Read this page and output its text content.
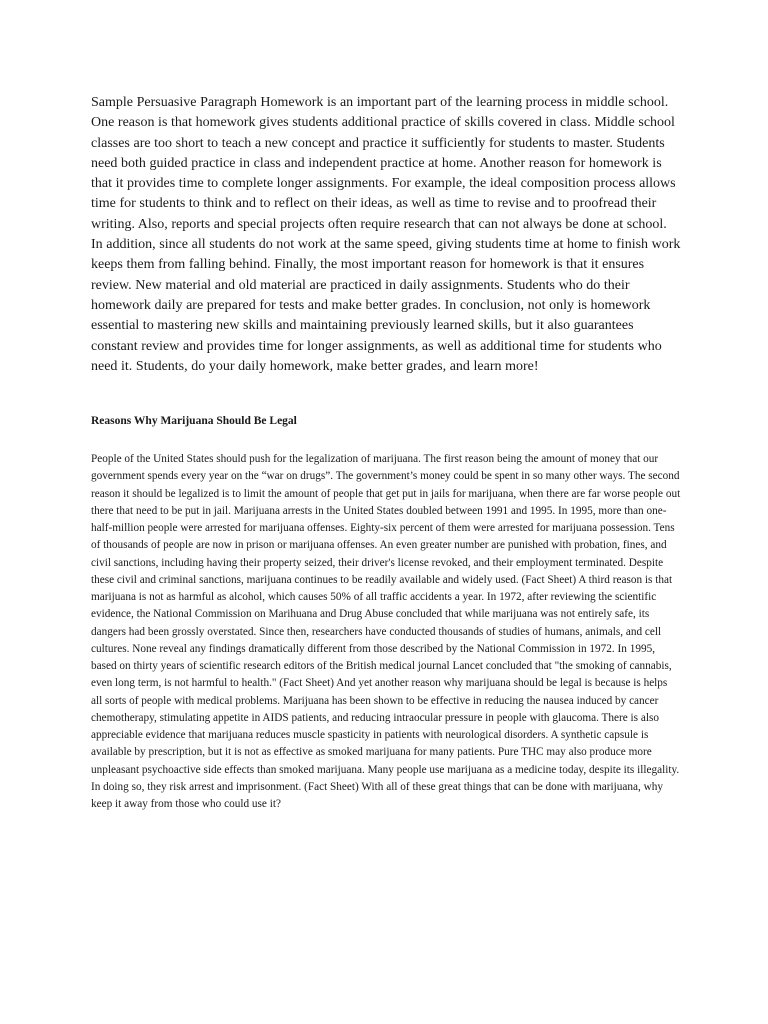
Sample Persuasive Paragraph Homework is an important part of the learning process in middle school. One reason is that homework gives students additional practice of skills covered in class. Middle school classes are too short to teach a new concept and practice it sufficiently for students to master. Students need both guided practice in class and independent practice at home. Another reason for homework is that it provides time to complete longer assignments. For example, the ideal composition process allows time for students to think and to reflect on their ideas, as well as time to revise and to proofread their writing. Also, reports and special projects often require research that can not always be done at school. In addition, since all students do not work at the same speed, giving students time at home to finish work keeps them from falling behind. Finally, the most important reason for homework is that it ensures review. New material and old material are practiced in daily assignments. Students who do their homework daily are prepared for tests and make better grades. In conclusion, not only is homework essential to mastering new skills and maintaining previously learned skills, but it also guarantees constant review and provides time for longer assignments, as well as additional time for students who need it. Students, do your daily homework, make better grades, and learn more!

Reasons Why Marijuana Should Be Legal

People of the United States should push for the legalization of marijuana. The first reason being the amount of money that our government spends every year on the “war on drugs”. The government’s money could be spent in so many other ways. The second reason it should be legalized is to limit the amount of people that get put in jails for marijuana, when there are far worse people out there that need to be put in jail. Marijuana arrests in the United States doubled between 1991 and 1995. In 1995, more than one-half-million people were arrested for marijuana offenses. Eighty-six percent of them were arrested for marijuana possession. Tens of thousands of people are now in prison or marijuana offenses. An even greater number are punished with probation, fines, and civil sanctions, including having their property seized, their driver's license revoked, and their employment terminated. Despite these civil and criminal sanctions, marijuana continues to be readily available and widely used. (Fact Sheet) A third reason is that marijuana is not as harmful as alcohol, which causes 50% of all traffic accidents a year. In 1972, after reviewing the scientific evidence, the National Commission on Marihuana and Drug Abuse concluded that while marijuana was not entirely safe, its dangers had been grossly overstated. Since then, researchers have conducted thousands of studies of humans, animals, and cell cultures. None reveal any findings dramatically different from those described by the National Commission in 1972. In 1995, based on thirty years of scientific research editors of the British medical journal Lancet concluded that "the smoking of cannabis, even long term, is not harmful to health." (Fact Sheet) And yet another reason why marijuana should be legal is because is helps all sorts of people with medical problems. Marijuana has been shown to be effective in reducing the nausea induced by cancer chemotherapy, stimulating appetite in AIDS patients, and reducing intraocular pressure in people with glaucoma. There is also appreciable evidence that marijuana reduces muscle spasticity in patients with neurological disorders. A synthetic capsule is available by prescription, but it is not as effective as smoked marijuana for many patients. Pure THC may also produce more unpleasant psychoactive side effects than smoked marijuana. Many people use marijuana as a medicine today, despite its illegality. In doing so, they risk arrest and imprisonment. (Fact Sheet) With all of these great things that can be done with marijuana, why keep it away from those who could use it?
